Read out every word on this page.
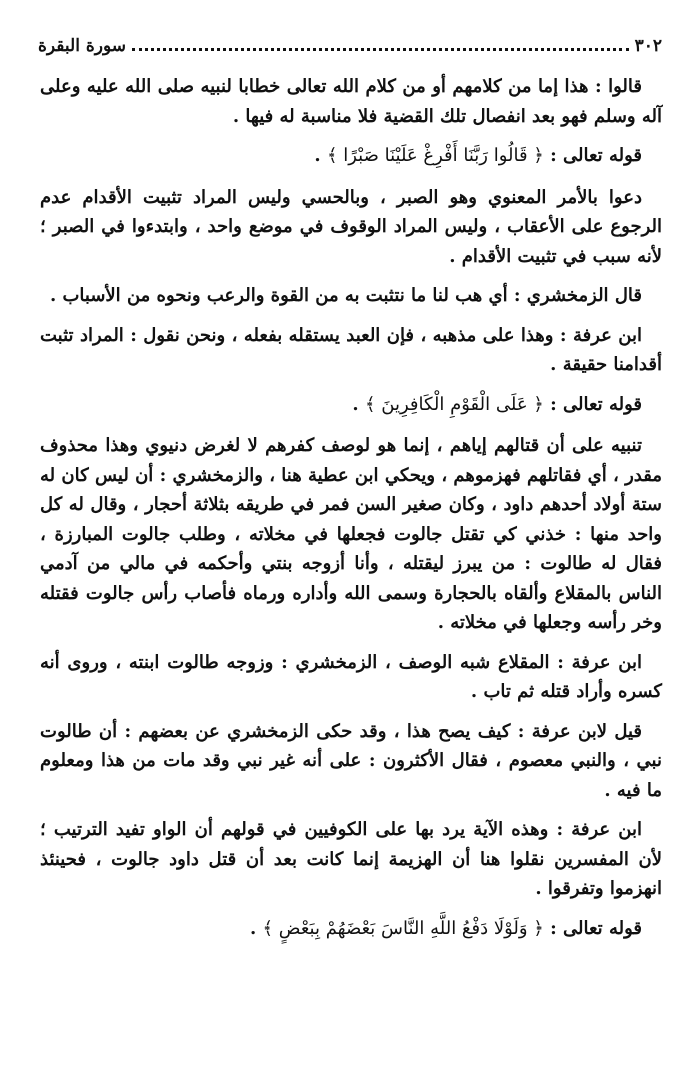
٣٠٢
سورة البقرة

قالوا : هذا إما من كلامهم أو من كلام الله تعالى خطابا لنبيه صلى الله عليه وعلى آله وسلم فهو بعد انفصال تلك القضية فلا مناسبة له فيها .

قوله تعالى : ﴿ قَالُوا رَبَّنَا أَفْرِغْ عَلَيْنَا صَبْرًا ﴾ .

دعوا بالأمر المعنوي وهو الصبر ، وبالحسي وليس المراد تثبيت الأقدام عدم الرجوع على الأعقاب ، وليس المراد الوقوف في موضع واحد ، وابتدءوا في الصبر ؛ لأنه سبب في تثبيت الأقدام .

قال الزمخشري : أي هب لنا ما نتثبت به من القوة والرعب ونحوه من الأسباب .

ابن عرفة : وهذا على مذهبه ، فإن العبد يستقله بفعله ، ونحن نقول : المراد تثبت أقدامنا حقيقة .

قوله تعالى : ﴿ عَلَى الْقَوْمِ الْكَافِرِينَ ﴾ .

تنبيه على أن قتالهم إياهم ، إنما هو لوصف كفرهم لا لغرض دنيوي وهذا محذوف مقدر ، أي فقاتلهم فهزموهم ، ويحكي ابن عطية هنا ، والزمخشري : أن ليس كان له ستة أولاد أحدهم داود ، وكان صغير السن فمر في طريقه بثلاثة أحجار ، وقال له كل واحد منها : خذني كي تقتل جالوت فجعلها في مخلاته ، وطلب جالوت المبارزة ، فقال له طالوت : من يبرز ليقتله ، وأنا أزوجه بنتي وأحكمه في مالي من آدمي الناس بالمقلاع وألقاه بالحجارة وسمى الله وأداره ورماه فأصاب رأس جالوت فقتله وخر رأسه وجعلها في مخلاته .

ابن عرفة : المقلاع شبه الوصف ، الزمخشري : وزوجه طالوت ابنته ، وروى أنه كسره وأراد قتله ثم تاب .

قيل لابن عرفة : كيف يصح هذا ، وقد حكى الزمخشري عن بعضهم : أن طالوت نبي ، والنبي معصوم ، فقال الأكثرون : على أنه غير نبي وقد مات من هذا ومعلوم ما فيه .

ابن عرفة : وهذه الآية يرد بها على الكوفيين في قولهم أن الواو تفيد الترتيب ؛ لأن المفسرين نقلوا هنا أن الهزيمة إنما كانت بعد أن قتل داود جالوت ، فحينئذ انهزموا وتفرقوا .

قوله تعالى : ﴿ وَلَوْلَا دَفْعُ اللَّهِ النَّاسَ بَعْضَهُمْ بِبَعْضٍ ﴾ .
